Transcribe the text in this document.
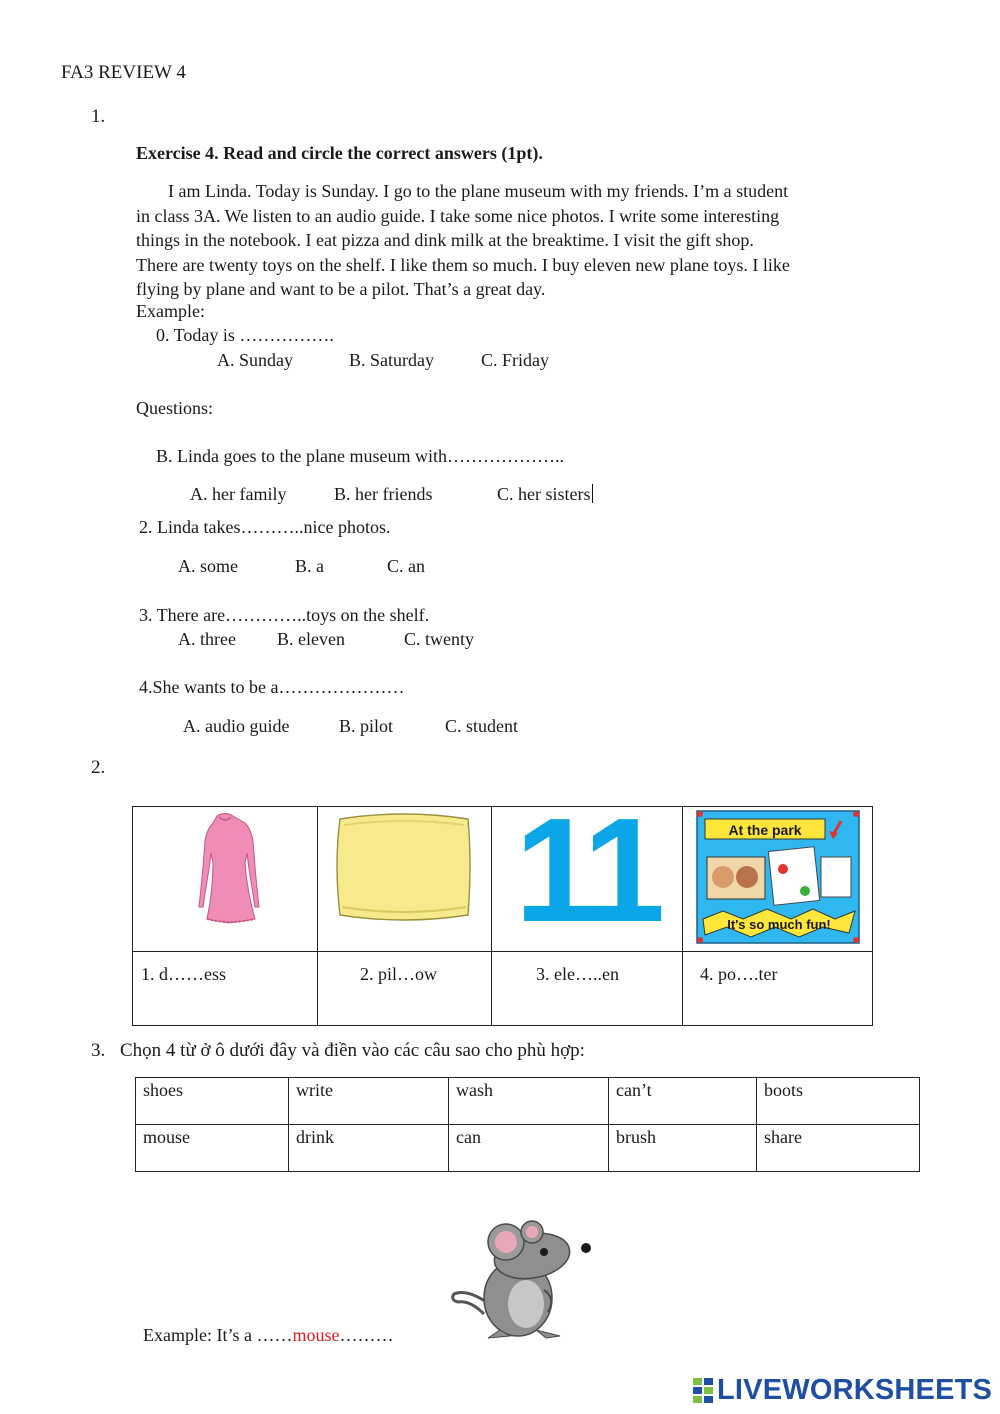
FA3 REVIEW 4
1.
Exercise 4. Read and circle the correct answers (1pt).

I am Linda. Today is Sunday. I go to the plane museum with my friends. I’m a student

in class 3A. We listen to an audio guide. I take some nice photos. I write some interesting

things in the notebook. I eat pizza and dink milk at the breaktime. I visit the gift shop.

There are twenty toys on the shelf. I like them so much. I buy eleven new plane toys. I like

flying by plane and want to be a pilot. That’s a great day.

Example:
0. Today is …………….
A. Sunday	B. Saturday	C. Friday
Questions:
B. Linda goes to the plane museum with………………..
A. her family	B. her friends	C. her sisters
2. Linda takes………..nice photos.
A. some	B. a	C. an
3. There are…………..toys on the shelf.
A. three B. eleven	C. twenty
4.She wants to be a…………………
A. audio guide	B. pilot	C. student
2.

11	At the park
It's so much fun!

1. d……ess	2. pil…ow	3. ele…..en	4. po….ter
3. Chọn 4 từ ở ô dưới đây và điền vào các câu sao cho phù hợp:
shoes	write	wash	can’t	boots
mouse	drink	can	brush	share
Example: It’s a ……mouse………
LIVEWORKSHEETS
